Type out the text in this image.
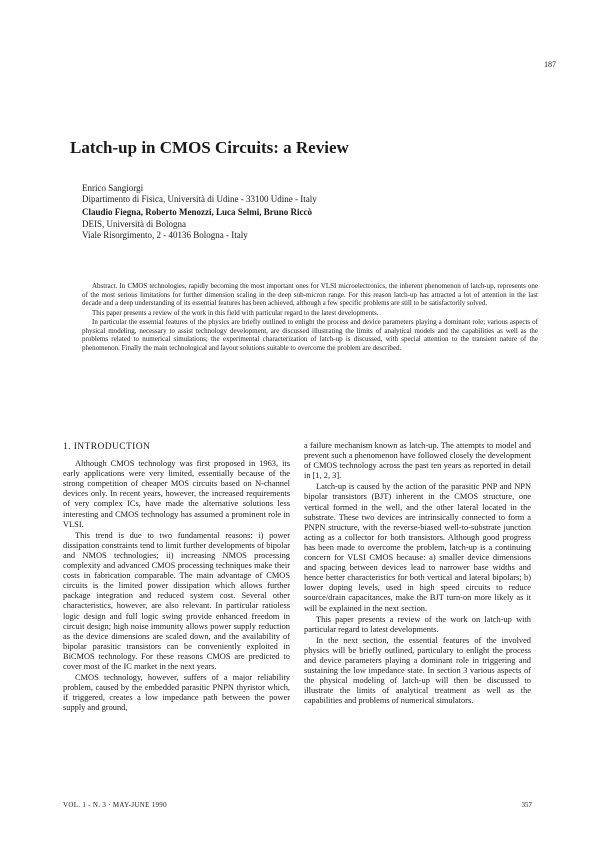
187
Latch-up in CMOS Circuits: a Review
Enrico Sangiorgi
Dipartimento di Fisica, Università di Udine - 33100 Udine - Italy
Claudio Fiegna, Roberto Menozzi, Luca Selmi, Bruno Riccò
DEIS, Università di Bologna
Viale Risorgimento, 2 - 40136 Bologna - Italy

Abstract. In CMOS technologies, rapidly becoming the most important ones for VLSI microelectronics, the inherent phenomenon of latch-up, represents one of the most serious limitations for further dimension scaling in the deep sub-micron range. For this reason latch-up has attracted a lot of attention in the last decade and a deep understanding of its essential features has been achieved, although a few specific problems are still to be satisfactorily solved.

This paper presents a review of the work in this field with particular regard to the latest developments.

In particular the essential features of the physics are briefly outlined to enlight the process and device parameters playing a dominant role; various aspects of physical modeling, necessary to assist technology development, are discussed illustrating the limits of analytical models and the capabilities as well as the problems related to numerical simulations; the experimental characterization of latch-up is discussed, with special attention to the transient nature of the phenomenon. Finally the main technological and layout solutions suitable to overcome the problem are described.

1. INTRODUCTION

Although CMOS technology was first proposed in 1963, its early applications were very limited, essentially because of the strong competition of cheaper MOS circuits based on N-channel devices only. In recent years, however, the increased requirements of very complex ICs, have made the alternative solutions less interesting and CMOS technology has assumed a prominent role in VLSI.

This trend is due to two fundamental reasons: i) power dissipation constraints tend to limit further developments of bipolar and NMOS technologies; ii) increasing NMOS processing complexity and advanced CMOS processing techniques make their costs in fabrication comparable. The main advantage of CMOS circuits is the limited power dissipation which allows further package integration and reduced system cost. Several other characteristics, however, are also relevant. In particular ratioless logic design and full logic swing provide enhanced freedom in circuit design; high noise immunity allows power supply reduction as the device dimensions are scaled down, and the availability of bipolar parasitic transistors can be conveniently exploited in BiCMOS technology. For these reasons CMOS are predicted to cover most of the IC market in the next years.

CMOS technology, however, suffers of a major reliability problem, caused by the embedded parasitic PNPN thyristor which, if triggered, creates a low impedance path between the power supply and ground,

a failure mechanism known as latch-up. The attempts to model and prevent such a phenomenon have followed closely the development of CMOS technology across the past ten years as reported in detail in [1, 2, 3].

Latch-up is caused by the action of the parasitic PNP and NPN bipolar transistors (BJT) inherent in the CMOS structure, one vertical formed in the well, and the other lateral located in the substrate. These two devices are intrinsically connected to form a PNPN structure, with the reverse-biased well-to-substrate junction acting as a collector for both transistors. Although good progress has been made to overcome the problem, latch-up is a continuing concern for VLSI CMOS because: a) smaller device dimensions and spacing between devices lead to narrower base widths and hence better characteristics for both vertical and lateral bipolars; b) lower doping levels, used in high speed circuits to reduce source/drain capacitances, make the BJT turn-on more likely as it will be explained in the next section.

This paper presents a review of the work on latch-up with particular regard to latest developments.

In the next section, the essential features of the involved physics will be briefly outlined, particulary to enlight the process and device parameters playing a dominant role in triggering and sustaining the low impedance state. In section 3 various aspects of the physical modeling of latch-up will then be discussed to illustrate the limits of analytical treatment as well as the capabilities and problems of numerical simulators.

VOL. 1 - N. 3 · MAY-JUNE 1990	357
